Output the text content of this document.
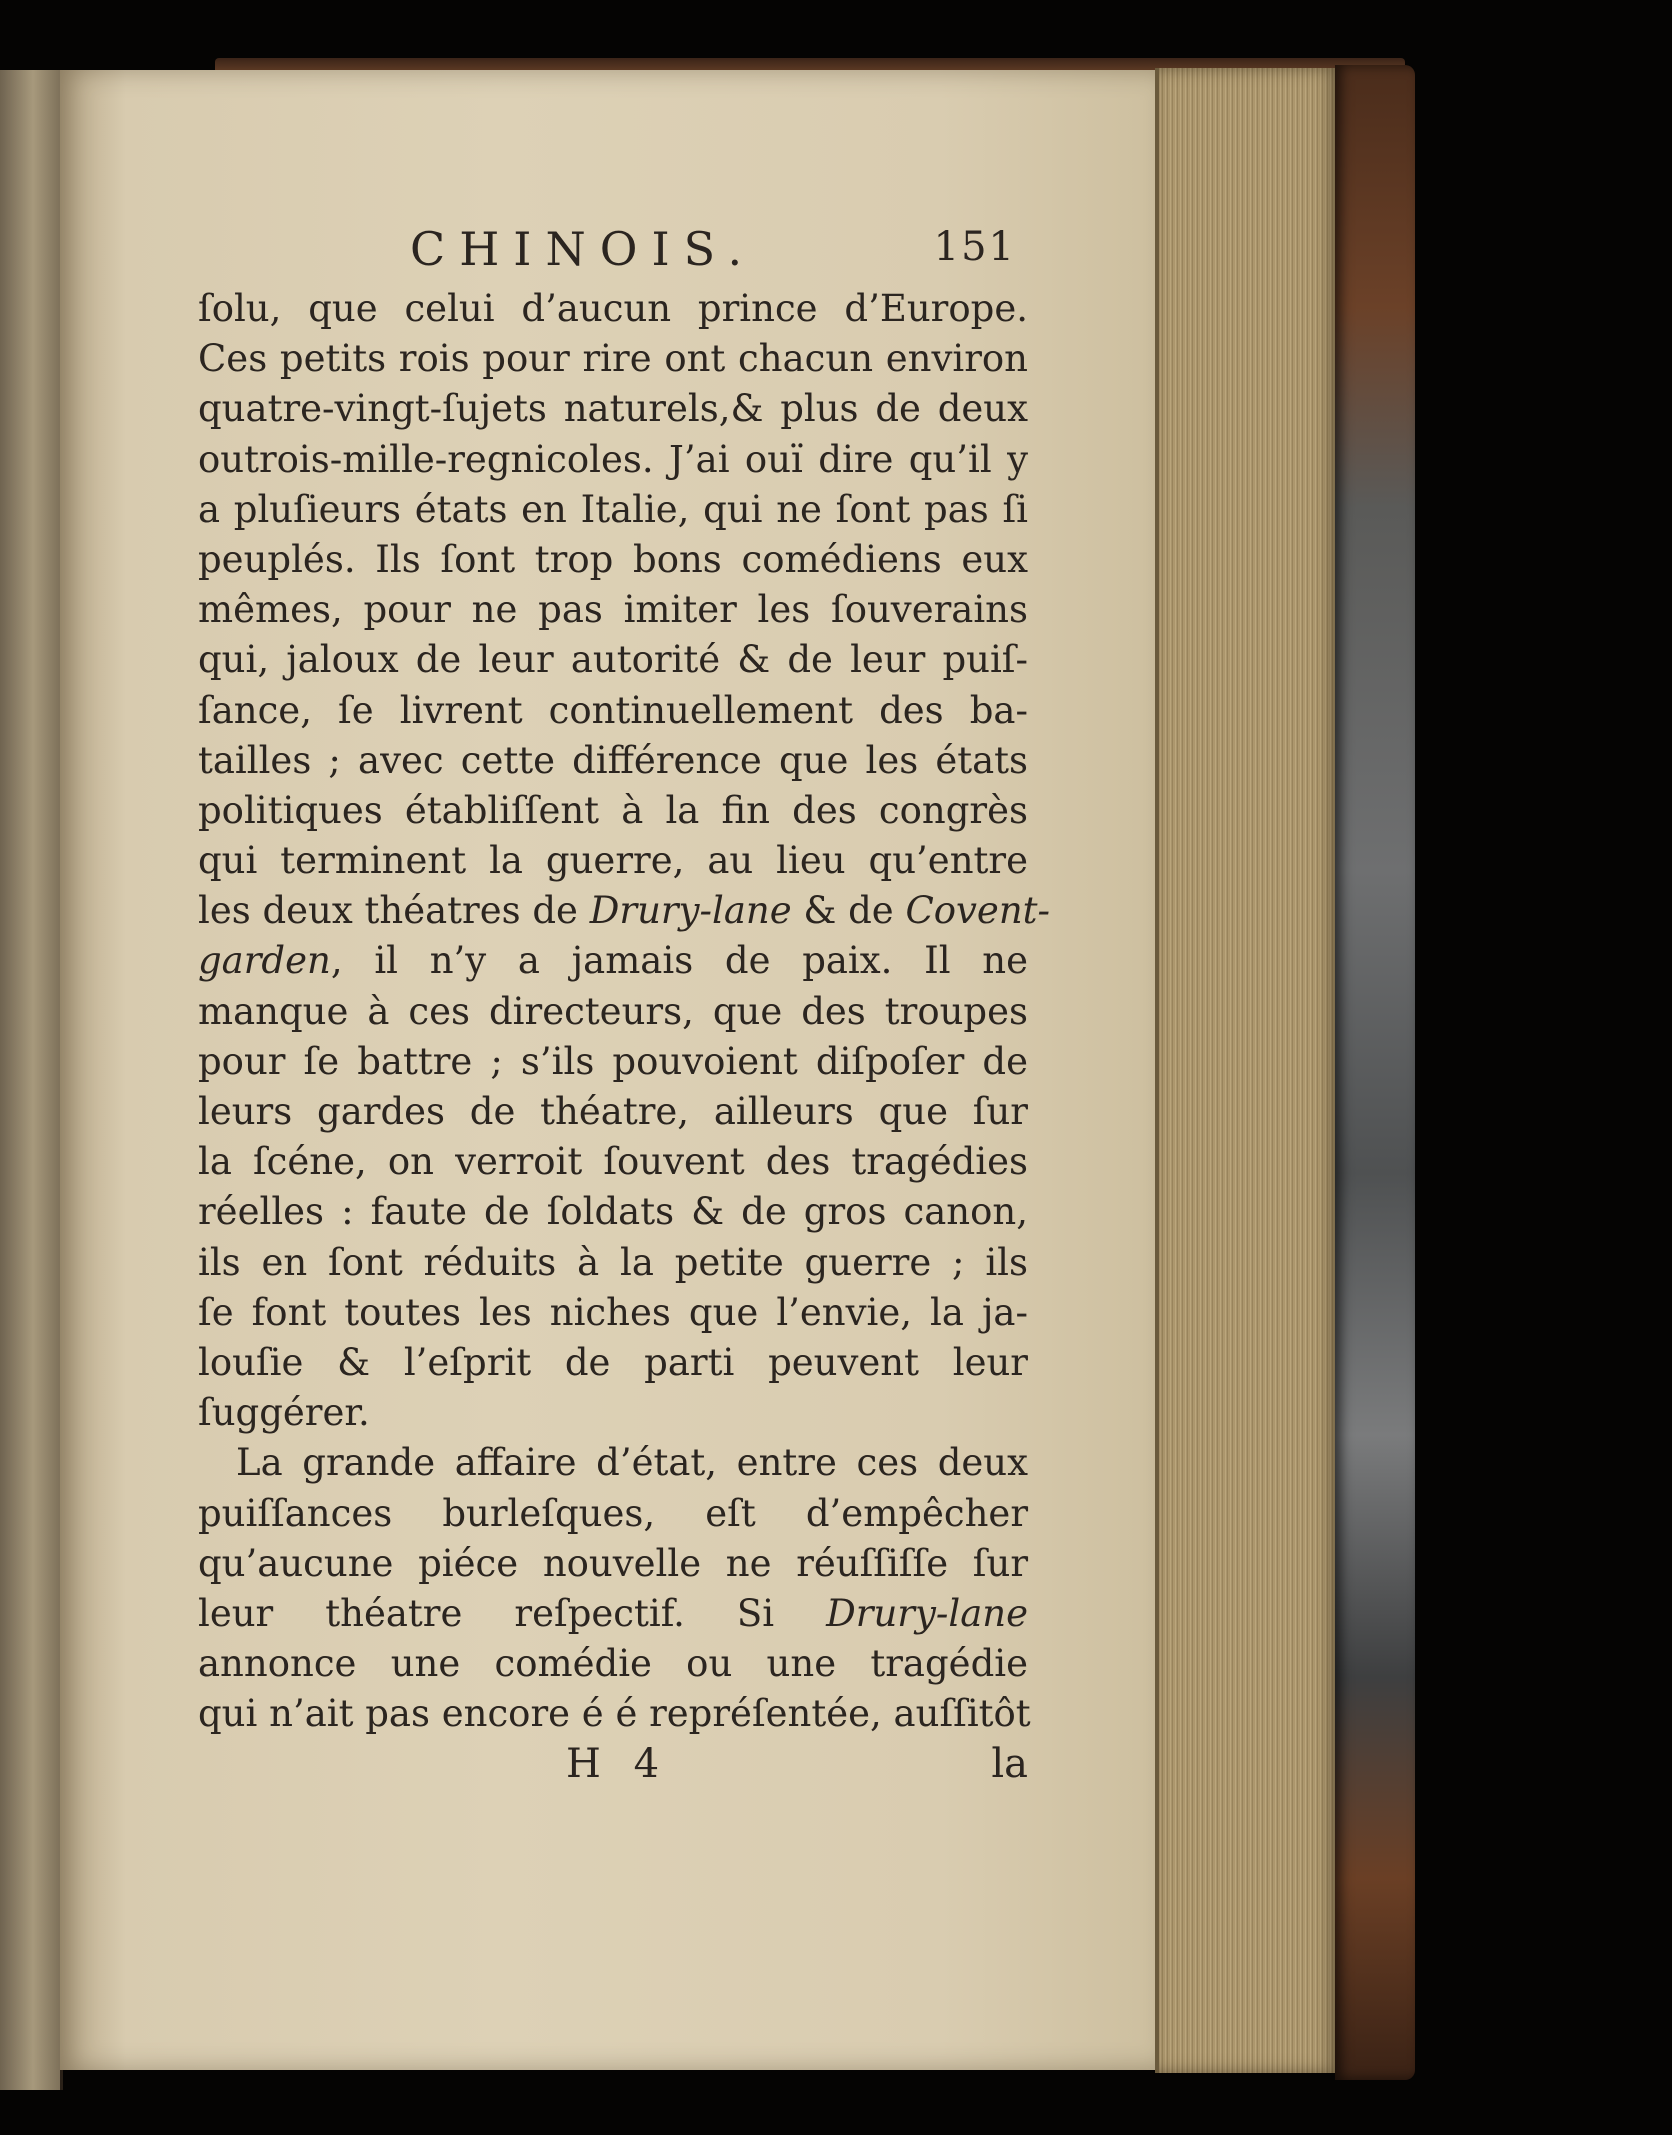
CHINOIS.	151
ſolu, que celui d’aucun prince d’Europe.
Ces petits rois pour rire ont chacun environ
quatre-vingt-ſujets naturels,& plus de deux
outrois-mille-regnicoles. J’ai ouï dire qu’il y
a pluſieurs états en Italie, qui ne ſont pas ſi
peuplés. Ils ſont trop bons comédiens eux
mêmes, pour ne pas imiter les ſouverains
qui, jaloux de leur autorité & de leur puiſ-
ſance, ſe livrent continuellement des ba-
tailles ; avec cette différence que les états
politiques établiſſent à la fin des congrès
qui terminent la guerre, au lieu qu’entre
les deux théatres de Drury-lane & de Covent-
garden, il n’y a jamais de paix. Il ne
manque à ces directeurs, que des troupes
pour ſe battre ; s’ils pouvoient diſpoſer de
leurs gardes de théatre, ailleurs que ſur
la ſcéne, on verroit ſouvent des tragédies
réelles : faute de ſoldats & de gros canon,
ils en ſont réduits à la petite guerre ; ils
ſe font toutes les niches que l’envie, la ja-
louſie & l’eſprit de parti peuvent leur
ſuggérer.
La grande affaire d’état, entre ces deux
puiſſances burleſques, eſt d’empêcher
qu’aucune piéce nouvelle ne réuſſiſſe ſur
leur théatre reſpectif. Si Drury-lane
annonce une comédie ou une tragédie
qui n’ait pas encore é é repréſentée, auſſitôt
H 4	la
